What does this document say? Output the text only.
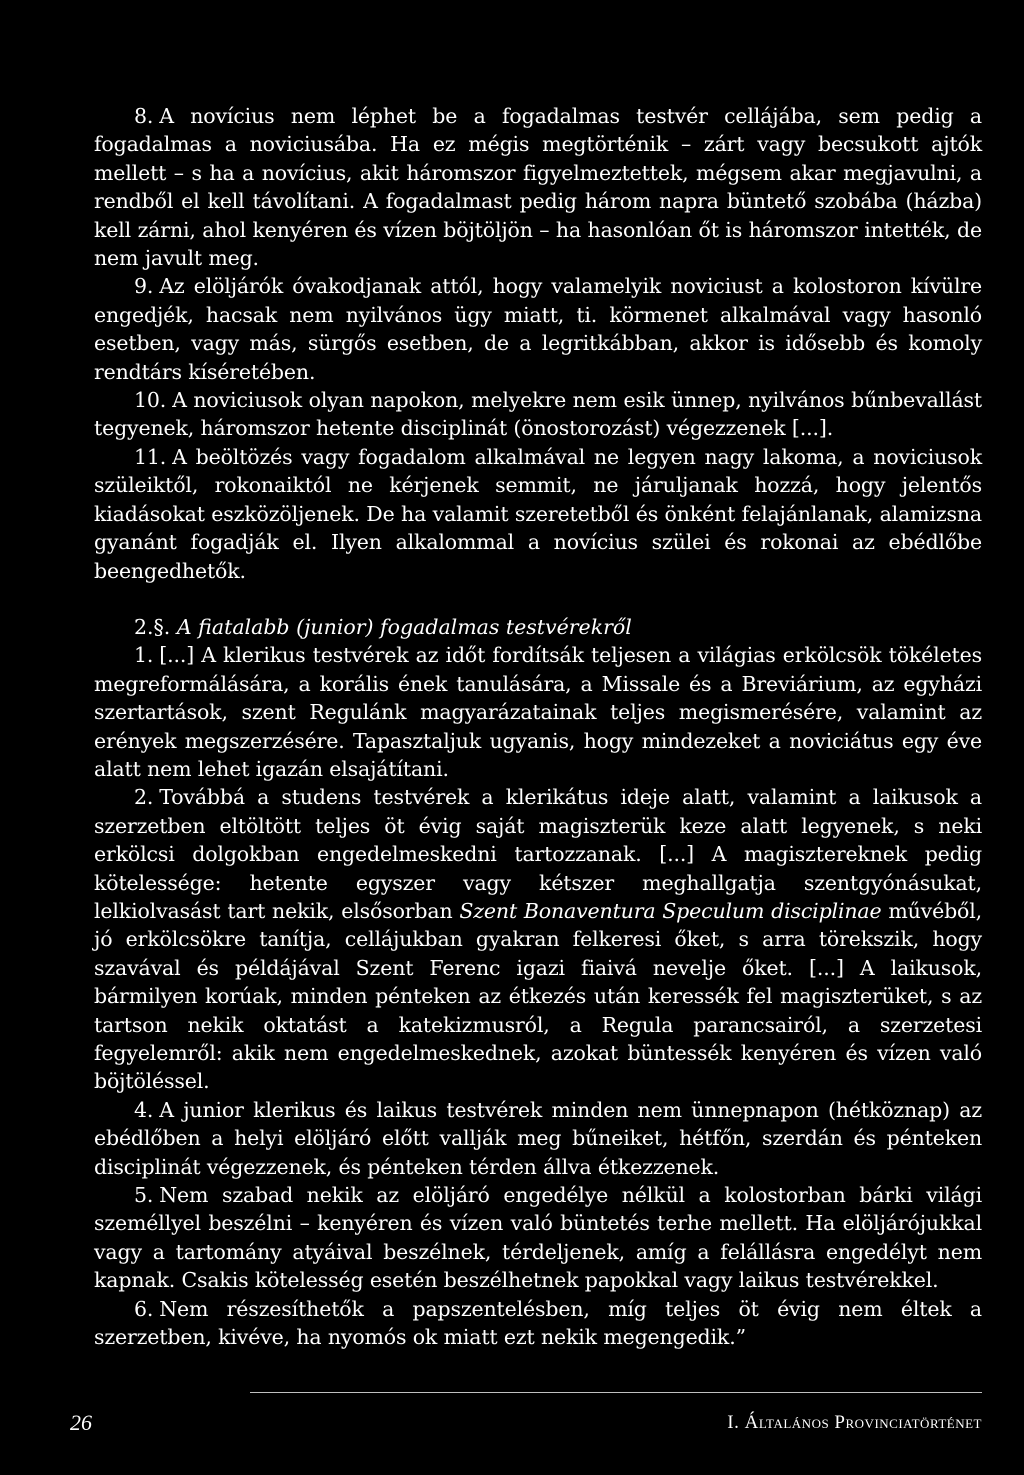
8. A novícius nem léphet be a fogadalmas testvér cellájába, sem pedig a fogadalmas a noviciusába. Ha ez mégis megtörténik – zárt vagy becsukott ajtók mellett – s ha a novícius, akit háromszor figyelmeztettek, mégsem akar megjavulni, a rendből el kell távolítani. A fogadalmast pedig három napra büntető szobába (házba) kell zárni, ahol kenyéren és vízen böjtöljön – ha hasonlóan őt is háromszor intették, de nem javult meg.

9. Az elöljárók óvakodjanak attól, hogy valamelyik noviciust a kolostoron kívülre engedjék, hacsak nem nyilvános ügy miatt, ti. körmenet alkalmával vagy hasonló esetben, vagy más, sürgős esetben, de a legritkábban, akkor is idősebb és komoly rendtárs kíséretében.

10. A noviciusok olyan napokon, melyekre nem esik ünnep, nyilvános bűnbevallást tegyenek, háromszor hetente disciplinát (önostorozást) végezzenek [...].

11. A beöltözés vagy fogadalom alkalmával ne legyen nagy lakoma, a noviciusok szüleiktől, rokonaiktól ne kérjenek semmit, ne járuljanak hozzá, hogy jelentős kiadásokat eszközöljenek. De ha valamit szeretetből és önként felajánlanak, alamizsna gyanánt fogadják el. Ilyen alkalommal a novícius szülei és rokonai az ebédlőbe beengedhetők.

2.§. A fiatalabb (junior) fogadalmas testvérekről

1. [...] A klerikus testvérek az időt fordítsák teljesen a világias erkölcsök tökéletes megreformálására, a korális ének tanulására, a Missale és a Breviárium, az egyházi szertartások, szent Regulánk magyarázatainak teljes megismerésére, valamint az erények megszerzésére. Tapasztaljuk ugyanis, hogy mindezeket a noviciátus egy éve alatt nem lehet igazán elsajátítani.

2. Továbbá a studens testvérek a klerikátus ideje alatt, valamint a laikusok a szerzetben eltöltött teljes öt évig saját magiszterük keze alatt legyenek, s neki erkölcsi dolgokban engedelmeskedni tartozzanak. [...] A magisztereknek pedig kötelessége: hetente egyszer vagy kétszer meghallgatja szentgyónásukat, lelkiolvasást tart nekik, elsősorban Szent Bonaventura Speculum disciplinae művéből, jó erkölcsökre tanítja, cellájukban gyakran felkeresi őket, s arra törekszik, hogy szavával és példájával Szent Ferenc igazi fiaivá nevelje őket. [...] A laikusok, bármilyen korúak, minden pénteken az étkezés után keressék fel magiszterüket, s az tartson nekik oktatást a katekizmusról, a Regula parancsairól, a szerzetesi fegyelemről: akik nem engedelmeskednek, azokat büntessék kenyéren és vízen való böjtöléssel.

4. A junior klerikus és laikus testvérek minden nem ünnepnapon (hétköznap) az ebédlőben a helyi elöljáró előtt vallják meg bűneiket, hétfőn, szerdán és pénteken disciplinát végezzenek, és pénteken térden állva étkezzenek.

5. Nem szabad nekik az elöljáró engedélye nélkül a kolostorban bárki világi személlyel beszélni – kenyéren és vízen való büntetés terhe mellett. Ha elöljárójukkal vagy a tartomány atyáival beszélnek, térdeljenek, amíg a felállásra engedélyt nem kapnak. Csakis kötelesség esetén beszélhetnek papokkal vagy laikus testvérekkel.

6. Nem részesíthetők a papszentelésben, míg teljes öt évig nem éltek a szerzetben, kivéve, ha nyomós ok miatt ezt nekik megengedik.”

26	I. Általános Provinciatörténet
